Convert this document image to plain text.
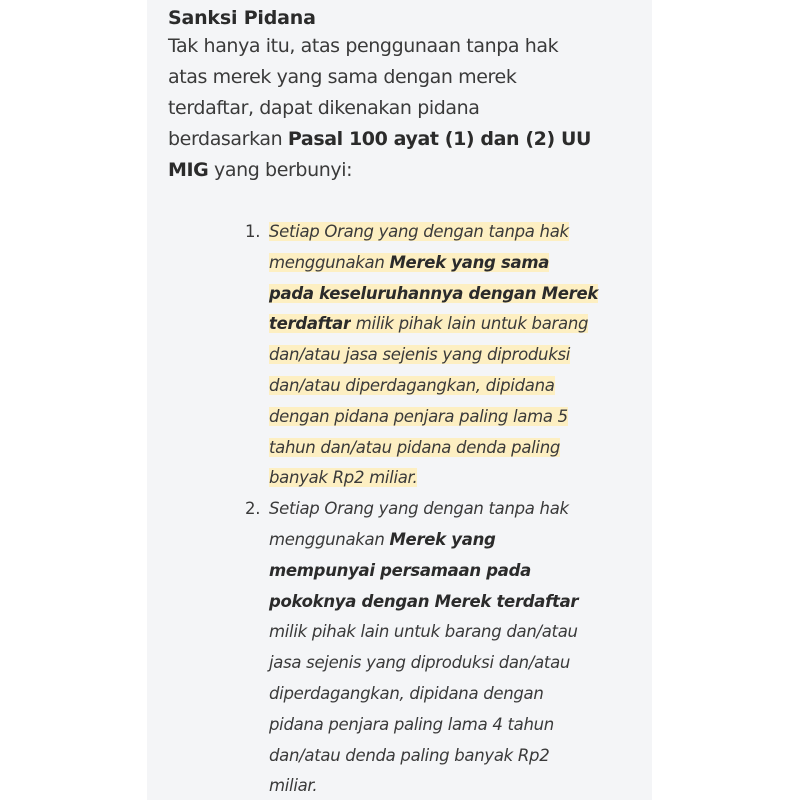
Sanksi Pidana
Tak hanya itu, atas penggunaan tanpa hak
atas merek yang sama dengan merek
terdaftar, dapat dikenakan pidana
berdasarkan Pasal 100 ayat (1) dan (2) UU
MIG yang berbunyi:
1. Setiap Orang yang dengan tanpa hak
menggunakan Merek yang sama
pada keseluruhannya dengan Merek
terdaftar milik pihak lain untuk barang
dan/atau jasa sejenis yang diproduksi
dan/atau diperdagangkan, dipidana
dengan pidana penjara paling lama 5
tahun dan/atau pidana denda paling
banyak Rp2 miliar.
2. Setiap Orang yang dengan tanpa hak
menggunakan Merek yang
mempunyai persamaan pada
pokoknya dengan Merek terdaftar
milik pihak lain untuk barang dan/atau
jasa sejenis yang diproduksi dan/atau
diperdagangkan, dipidana dengan
pidana penjara paling lama 4 tahun
dan/atau denda paling banyak Rp2
miliar.
